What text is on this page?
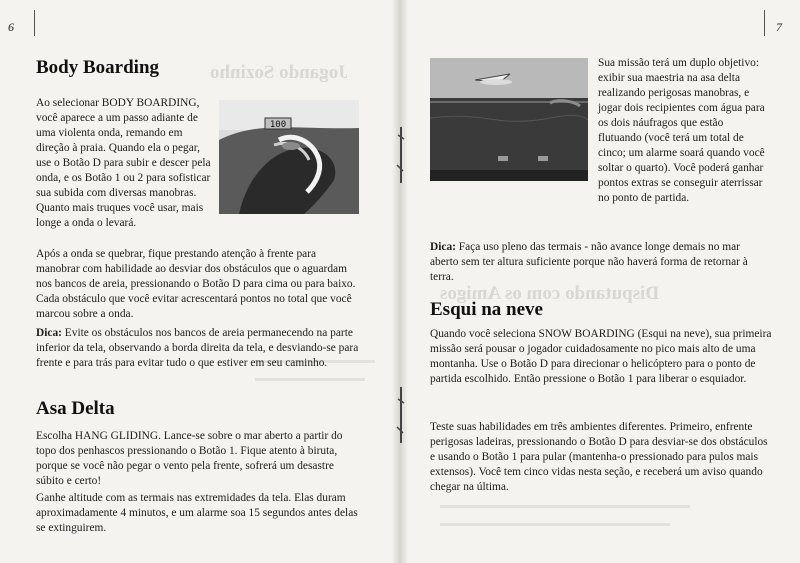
Jogando Sozinho
Disputando com os Amigos
6
Body Boarding

Ao selecionar BODY BOARDING, você aparece a um passo adiante de uma violenta onda, remando em direção à praia. Quando ela o pegar, use o Botão D para subir e descer pela onda, e os Botão 1 ou 2 para sofisticar sua subida com diversas manobras. Quanto mais truques você usar, mais longe a onda o levará.

100

Após a onda se quebrar, fique prestando atenção à frente para manobrar com habilidade ao desviar dos obstáculos que o aguardam nos bancos de areia, pressionando o Botão D para cima ou para baixo. Cada obstáculo que você evitar acrescentará pontos no total que você marcou sobre a onda.

Dica: Evite os obstáculos nos bancos de areia permanecendo na parte inferior da tela, observando a borda direita da tela, e desviando-se para frente e para trás para evitar tudo o que estiver em seu caminho.

Asa Delta

Escolha HANG GLIDING. Lance-se sobre o mar aberto a partir do topo dos penhascos pressionando o Botão 1. Fique atento à biruta, porque se você não pegar o vento pela frente, sofrerá um desastre súbito e certo!

Ganhe altitude com as termais nas extremidades da tela. Elas duram aproximadamente 4 minutos, e um alarme soa 15 segundos antes delas se extinguirem.

7

Sua missão terá um duplo objetivo: exibir sua maestria na asa delta realizando perigosas manobras, e jogar dois recipientes com água para os dois náufragos que estão flutuando (você terá um total de cinco; um alarme soará quando você soltar o quarto). Você poderá ganhar pontos extras se conseguir aterrissar no ponto de partida.

Dica: Faça uso pleno das termais - não avance longe demais no mar aberto sem ter altura suficiente porque não haverá forma de retornar à terra.

Esqui na neve

Quando você seleciona SNOW BOARDING (Esqui na neve), sua primeira missão será pousar o jogador cuidadosamente no pico mais alto de uma montanha. Use o Botão D para direcionar o helicóptero para o ponto de partida escolhido. Então pressione o Botão 1 para liberar o esquiador.

Teste suas habilidades em três ambientes diferentes. Primeiro, enfrente perigosas ladeiras, pressionando o Botão D para desviar-se dos obstáculos e usando o Botão 1 para pular (mantenha-o pressionado para pulos mais extensos). Você tem cinco vidas nesta seção, e receberá um aviso quando chegar na última.
